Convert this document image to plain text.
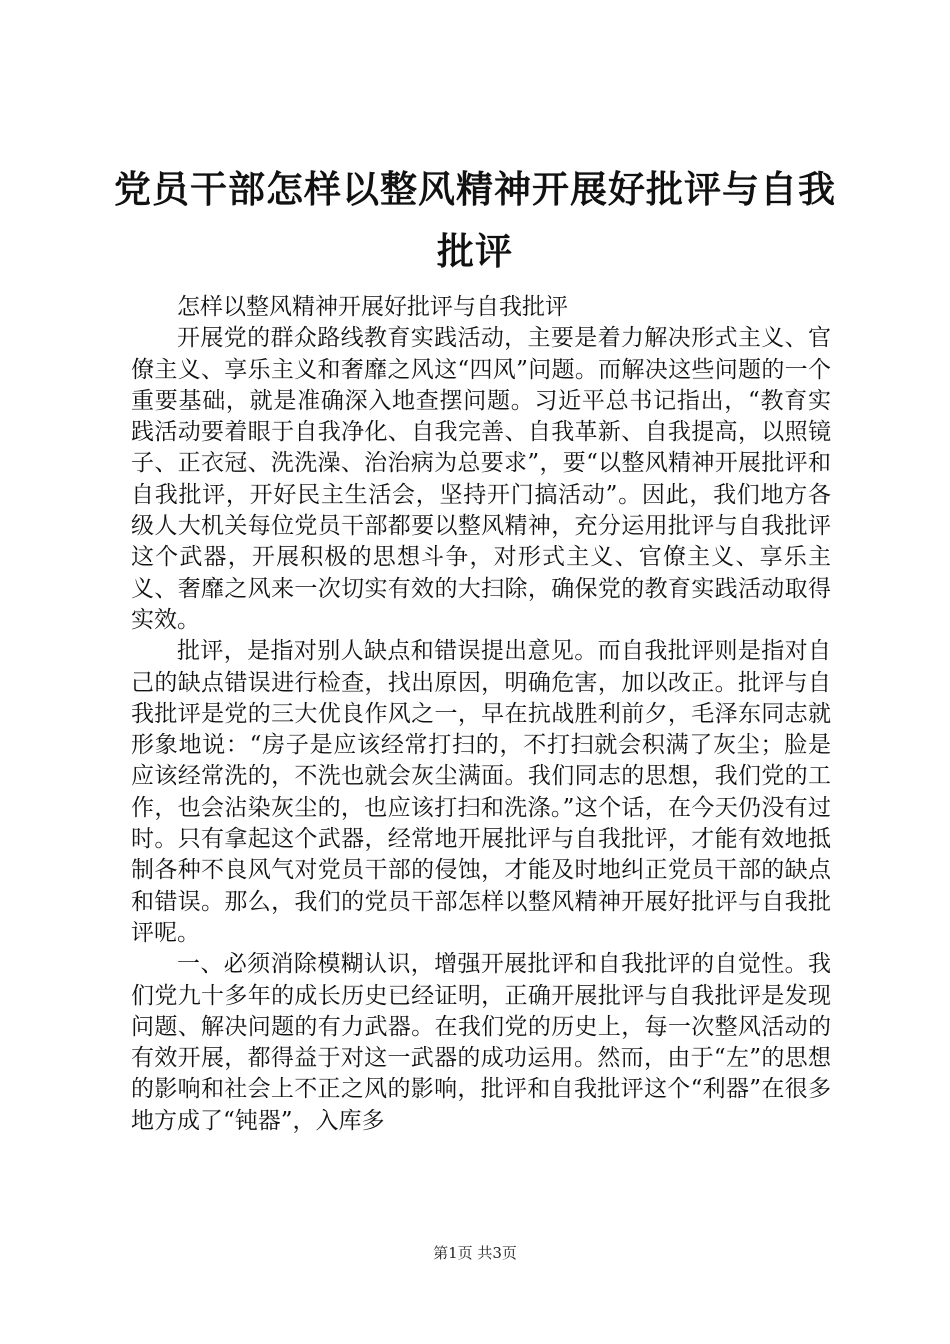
党员干部怎样以整风精神开展好批评与自我批评

怎样以整风精神开展好批评与自我批评

开展党的群众路线教育实践活动，主要是着力解决形式主义、官僚主义、享乐主义和奢靡之风这“四风”问题。而解决这些问题的一个重要基础，就是准确深入地查摆问题。习近平总书记指出，“教育实践活动要着眼于自我净化、自我完善、自我革新、自我提高，以照镜子、正衣冠、洗洗澡、治治病为总要求”，要“以整风精神开展批评和自我批评，开好民主生活会，坚持开门搞活动”。因此，我们地方各级人大机关每位党员干部都要以整风精神，充分运用批评与自我批评这个武器，开展积极的思想斗争，对形式主义、官僚主义、享乐主义、奢靡之风来一次切实有效的大扫除，确保党的教育实践活动取得实效。

批评，是指对别人缺点和错误提出意见。而自我批评则是指对自己的缺点错误进行检查，找出原因，明确危害，加以改正。批评与自我批评是党的三大优良作风之一，早在抗战胜利前夕，毛泽东同志就形象地说：“房子是应该经常打扫的，不打扫就会积满了灰尘；脸是应该经常洗的，不洗也就会灰尘满面。我们同志的思想，我们党的工作，也会沾染灰尘的，也应该打扫和洗涤。”这个话，在今天仍没有过时。只有拿起这个武器，经常地开展批评与自我批评，才能有效地抵制各种不良风气对党员干部的侵蚀，才能及时地纠正党员干部的缺点和错误。那么，我们的党员干部怎样以整风精神开展好批评与自我批评呢。

一、必须消除模糊认识，增强开展批评和自我批评的自觉性。我们党九十多年的成长历史已经证明，正确开展批评与自我批评是发现问题、解决问题的有力武器。在我们党的历史上，每一次整风活动的有效开展，都得益于对这一武器的成功运用。然而，由于“左”的思想的影响和社会上不正之风的影响，批评和自我批评这个“利器”在很多地方成了“钝器”，入库多

第1页 共3页
